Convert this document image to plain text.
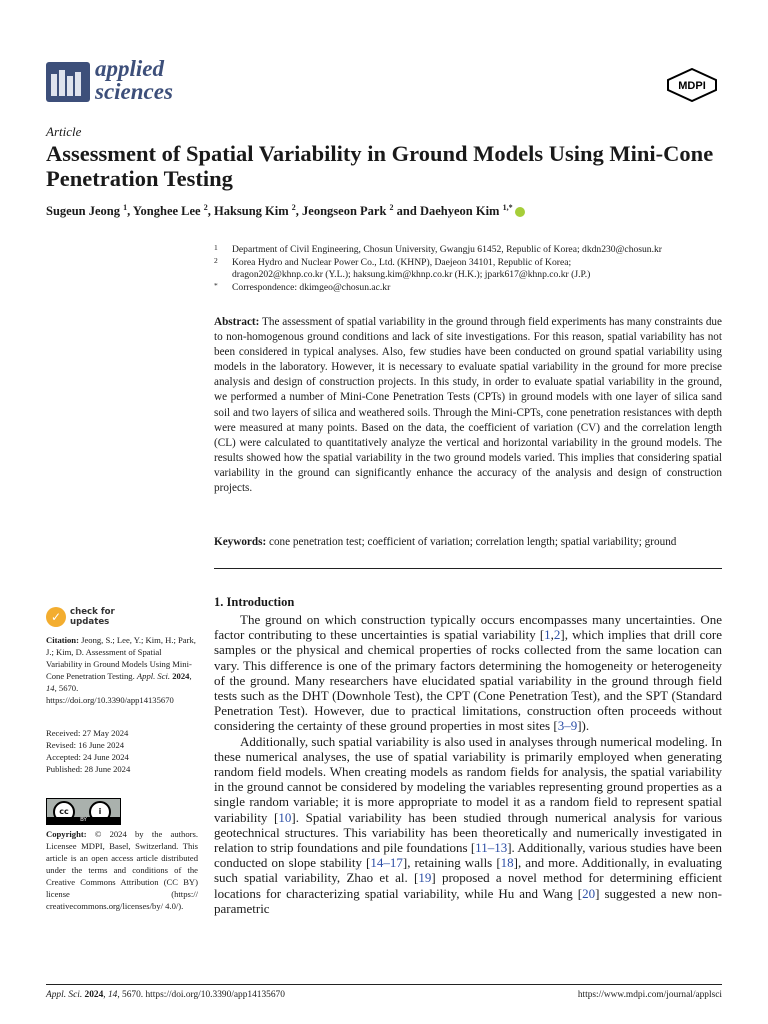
applied
sciences	MDPI
Article
Assessment of Spatial Variability in Ground Models Using Mini-Cone Penetration Testing
Sugeun Jeong $^1$, Yonghee Lee $^2$, Haksung Kim $^2$, Jeongseon Park $^2$ and Daehyeon Kim $^{1,*}$
1 Department of Civil Engineering, Chosun University, Gwangju 61452, Republic of Korea; dkdn230@chosun.kr
2 Korea Hydro and Nuclear Power Co., Ltd. (KHNP), Daejeon 34101, Republic of Korea;
dragon202@khnp.co.kr (Y.L.); haksung.kim@khnp.co.kr (H.K.); jpark617@khnp.co.kr (J.P.)
* Correspondence: dkimgeo@chosun.ac.kr
Abstract: The assessment of spatial variability in the ground through field experiments has many constraints due to non-homogenous ground conditions and lack of site investigations. For this reason, spatial variability has not been considered in typical analyses. Also, few studies have been conducted on ground spatial variability using models in the laboratory. However, it is necessary to evaluate spatial variability in the ground for more precise analysis and design of construction projects. In this study, in order to evaluate spatial variability in the ground, we performed a number of Mini-Cone Penetration Tests (CPTs) in ground models with one layer of silica sand soil and two layers of silica and weathered soils. Through the Mini-CPTs, cone penetration resistances with depth were measured at many points. Based on the data, the coefficient of variation (CV) and the correlation length (CL) were calculated to quantitatively analyze the vertical and horizontal variability in the ground models. The results showed how the spatial variability in the two ground models varied. This implies that considering spatial variability in the ground can significantly enhance the accuracy of the analysis and design of construction projects.
Keywords: cone penetration test; coefficient of variation; correlation length; spatial variability; ground
✓	check for
updates
Citation: Jeong, S.; Lee, Y.; Kim, H.; Park, J.; Kim, D. Assessment of Spatial Variability in Ground Models Using Mini-Cone Penetration Testing. Appl. Sci. 2024, 14, 5670. https://doi.org/10.3390/app14135670
Received: 27 May 2024
Revised: 16 June 2024
Accepted: 24 June 2024
Published: 28 June 2024
cc	i
BY
Copyright: © 2024 by the authors. Licensee MDPI, Basel, Switzerland. This article is an open access article distributed under the terms and conditions of the Creative Commons Attribution (CC BY) license (https:// creativecommons.org/licenses/by/ 4.0/).
1. Introduction

  The ground on which construction typically occurs encompasses many uncertainties. One factor contributing to these uncertainties is spatial variability [1,2], which implies that drill core samples or the physical and chemical properties of rocks collected from the same location can vary. This difference is one of the primary factors determining the homogeneity or heterogeneity of the ground. Many researchers have elucidated spatial variability in the ground through field tests such as the DHT (Downhole Test), the CPT (Cone Penetration Test), and the SPT (Standard Penetration Test). However, due to practical limitations, construction often proceeds without considering the certainty of these ground properties in most sites [3–9]).

  Additionally, such spatial variability is also used in analyses through numerical modeling. In these numerical analyses, the use of spatial variability is primarily employed when generating random field models. When creating models as random fields for analysis, the spatial variability in the ground cannot be considered by modeling the variables representing ground properties as a single random variable; it is more appropriate to model it as a random field to represent spatial variability [10]. Spatial variability has been studied through numerical analysis for various geotechnical structures. This variability has been theoretically and numerically investigated in relation to strip foundations and pile foundations [11–13]. Additionally, various studies have been conducted on slope stability [14–17], retaining walls [18], and more. Additionally, in evaluating such spatial variability, Zhao et al. [19] proposed a novel method for determining efficient locations for characterizing spatial variability, while Hu and Wang [20] suggested a new non-parametric

Appl. Sci. 2024, 14, 5670. https://doi.org/10.3390/app14135670	https://www.mdpi.com/journal/applsci
